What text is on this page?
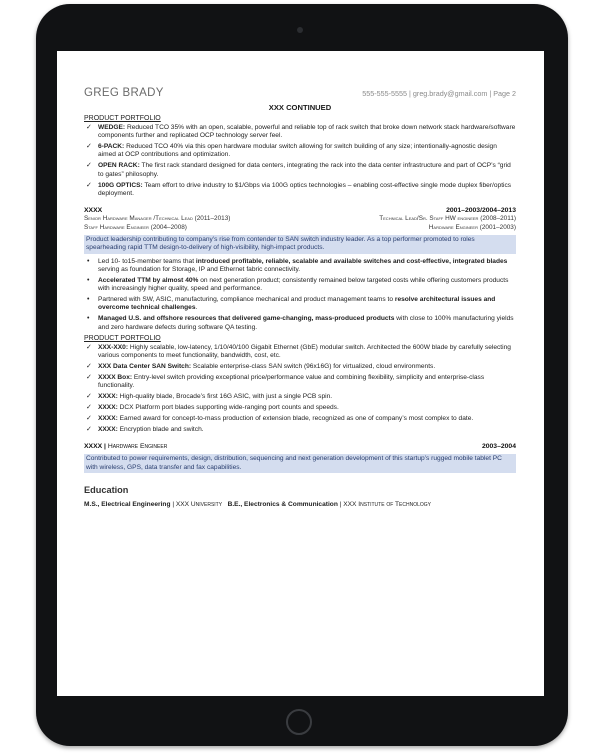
GREG BRADY	555-555-5555 | greg.brady@gmail.com | Page 2
XXX CONTINUED
PRODUCT PORTFOLIO
✓ WEDGE: Reduced TCO 35% with an open, scalable, powerful and reliable top of rack switch that broke down network stack hardware/software components further and replicated OCP technology server feel.
✓ 6-PACK: Reduced TCO 40% via this open hardware modular switch allowing for switch building of any size; intentionally-agnostic design aimed at OCP contributions and optimization.
✓ OPEN RACK: The first rack standard designed for data centers, integrating the rack into the data center infrastructure and part of OCP’s “grid to gates” philosophy.
✓ 100G OPTICS: Team effort to drive industry to $1/Gbps via 100G optics technologies – enabling cost-effective single mode duplex fiber/optics deployment.
XXXX	2001–2003/2004–2013
Senior Hardware Manager /Technical Lead (2011–2013)	Technical Lead/Sr. Staff HW engineer (2008–2011)
Staff Hardware Engineer (2004–2008)	Hardware Engineer (2001–2003)
Product leadership contributing to company’s rise from contender to SAN switch industry leader. As a top performer promoted to roles spearheading rapid TTM design-to-delivery of high-visibility, high-impact products.
• Led 10- to15-member teams that introduced profitable, reliable, scalable and available switches and cost-effective, integrated blades serving as foundation for Storage, IP and Ethernet fabric connectivity.
• Accelerated TTM by almost 40% on next generation product; consistently remained below targeted costs while offering customers products with increasingly higher quality, speed and performance.
• Partnered with SW, ASIC, manufacturing, compliance mechanical and product management teams to resolve architectural issues and overcome technical challenges.
• Managed U.S. and offshore resources that delivered game-changing, mass-produced products with close to 100% manufacturing yields and zero hardware defects during software QA testing.
PRODUCT PORTFOLIO
✓ XXX-XX0: Highly scalable, low-latency, 1/10/40/100 Gigabit Ethernet (GbE) modular switch. Architected the 600W blade by carefully selecting various components to meet functionality, bandwidth, cost, etc.
✓ XXX Data Center SAN Switch: Scalable enterprise-class SAN switch (96x16G) for virtualized, cloud environments.
✓ XXXX Box: Entry-level switch providing exceptional price/performance value and combining flexibility, simplicity and enterprise-class functionality.
✓ XXXX: High-quality blade, Brocade’s first 16G ASIC, with just a single PCB spin.
✓ XXXX: DCX Platform port blades supporting wide-ranging port counts and speeds.
✓ XXXX: Earned award for concept-to-mass production of extension blade, recognized as one of company’s most complex to date.
✓ XXXX: Encryption blade and switch.
XXXX | Hardware Engineer	2003–2004
Contributed to power requirements, design, distribution, sequencing and next generation development of this startup’s rugged mobile tablet PC with wireless, GPS, data transfer and fax capabilities.
Education
M.S., Electrical Engineering | XXX University B.E., Electronics & Communication | XXX Institute of Technology
